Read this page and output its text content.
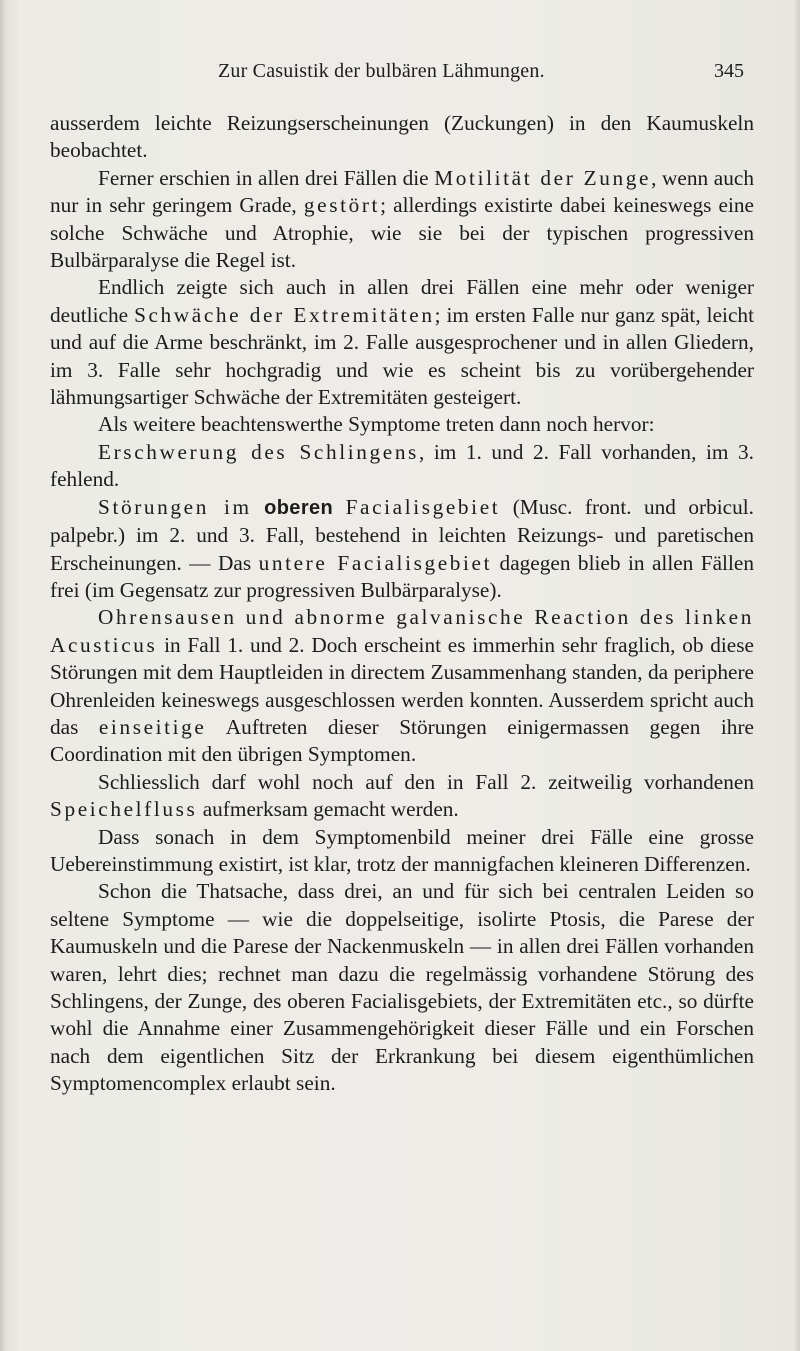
Zur Casuistik der bulbären Lähmungen.	345

ausserdem leichte Reizungserscheinungen (Zuckungen) in den Kaumuskeln beobachtet.

Ferner erschien in allen drei Fällen die Motilität der Zunge, wenn auch nur in sehr geringem Grade, gestört; allerdings existirte dabei keineswegs eine solche Schwäche und Atrophie, wie sie bei der typischen progressiven Bulbärparalyse die Regel ist.

Endlich zeigte sich auch in allen drei Fällen eine mehr oder weniger deutliche Schwäche der Extremitäten; im ersten Falle nur ganz spät, leicht und auf die Arme beschränkt, im 2. Falle ausgesprochener und in allen Gliedern, im 3. Falle sehr hochgradig und wie es scheint bis zu vorübergehender lähmungsartiger Schwäche der Extremitäten gesteigert.

Als weitere beachtenswerthe Symptome treten dann noch hervor:

Erschwerung des Schlingens, im 1. und 2. Fall vorhanden, im 3. fehlend.

Störungen im oberen Facialisgebiet (Musc. front. und orbicul. palpebr.) im 2. und 3. Fall, bestehend in leichten Reizungs- und paretischen Erscheinungen. — Das untere Facialisgebiet dagegen blieb in allen Fällen frei (im Gegensatz zur progressiven Bulbärparalyse).

Ohrensausen und abnorme galvanische Reaction des linken Acusticus in Fall 1. und 2. Doch erscheint es immerhin sehr fraglich, ob diese Störungen mit dem Hauptleiden in directem Zusammenhang standen, da periphere Ohrenleiden keineswegs ausgeschlossen werden konnten. Ausserdem spricht auch das einseitige Auftreten dieser Störungen einigermassen gegen ihre Coordination mit den übrigen Symptomen.

Schliesslich darf wohl noch auf den in Fall 2. zeitweilig vorhandenen Speichelfluss aufmerksam gemacht werden.

Dass sonach in dem Symptomenbild meiner drei Fälle eine grosse Uebereinstimmung existirt, ist klar, trotz der mannigfachen kleineren Differenzen.

Schon die Thatsache, dass drei, an und für sich bei centralen Leiden so seltene Symptome — wie die doppelseitige, isolirte Ptosis, die Parese der Kaumuskeln und die Parese der Nackenmuskeln — in allen drei Fällen vorhanden waren, lehrt dies; rechnet man dazu die regelmässig vorhandene Störung des Schlingens, der Zunge, des oberen Facialisgebiets, der Extremitäten etc., so dürfte wohl die Annahme einer Zusammengehörigkeit dieser Fälle und ein Forschen nach dem eigentlichen Sitz der Erkrankung bei diesem eigenthümlichen Symptomencomplex erlaubt sein.
